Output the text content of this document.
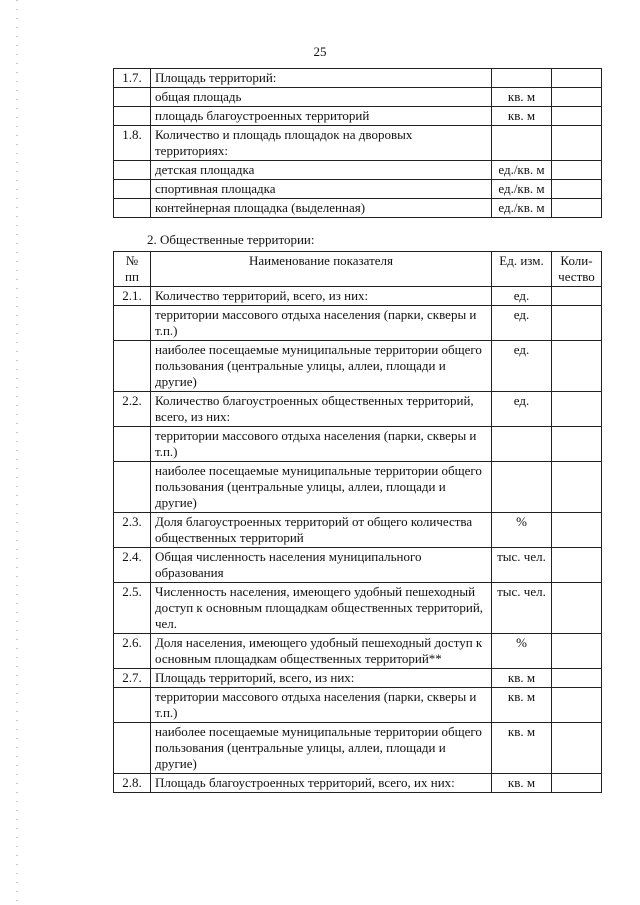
25
1.7.	Площадь территорий:		
	общая площадь	кв. м	
	площадь благоустроенных территорий	кв. м	
1.8.	Количество и площадь площадок на дворовых территориях:		
	детская площадка	ед./кв. м	
	спортивная площадка	ед./кв. м	
	контейнерная площадка (выделенная)	ед./кв. м	
2. Общественные территории:
№ пп	Наименование показателя	Ед. изм.	Коли-чество
2.1.	Количество территорий, всего, из них:	ед.	
	территории массового отдыха населения (парки, скверы и т.п.)	ед.	
	наиболее посещаемые муниципальные территории общего пользования (центральные улицы, аллеи, площади и другие)	ед.	
2.2.	Количество благоустроенных общественных территорий, всего, из них:	ед.	
	территории массового отдыха населения (парки, скверы и т.п.)		
	наиболее посещаемые муниципальные территории общего пользования (центральные улицы, аллеи, площади и другие)		
2.3.	Доля благоустроенных территорий от общего количества общественных территорий	%	
2.4.	Общая численность населения муниципального образования	тыс. чел.	
2.5.	Численность населения, имеющего удобный пешеходный доступ к основным площадкам общественных территорий, чел.	тыс. чел.	
2.6.	Доля населения, имеющего удобный пешеходный доступ к основным площадкам общественных территорий**	%	
2.7.	Площадь территорий, всего, из них:	кв. м	
	территории массового отдыха населения (парки, скверы и т.п.)	кв. м	
	наиболее посещаемые муниципальные территории общего пользования (центральные улицы, аллеи, площади и другие)	кв. м	
2.8.	Площадь благоустроенных территорий, всего, их них:	кв. м	
